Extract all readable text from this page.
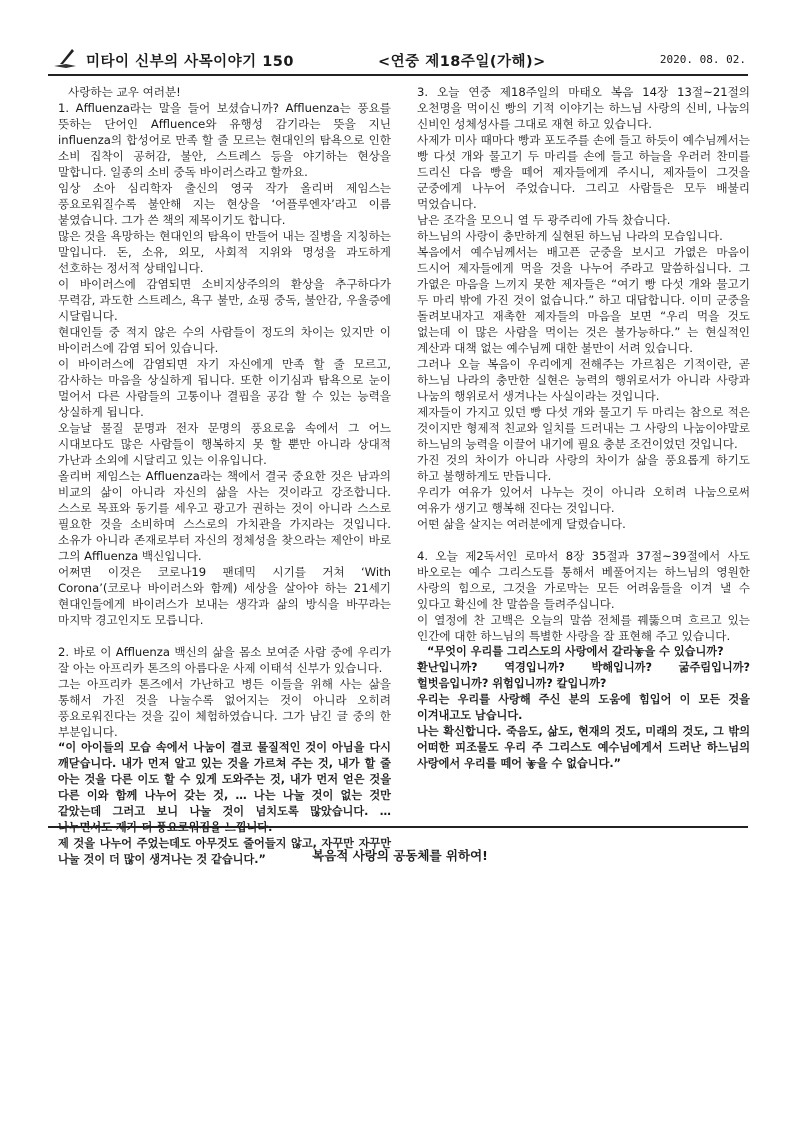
미타이 신부의 사목이야기 150	<연중 제18주일(가해)>	2020. 08. 02.

사랑하는 교우 여러분!

1. Affluenza라는 말을 들어 보셨습니까? Affluenza는 풍요를 뜻하는 단어인 Affluence와 유행성 감기라는 뜻을 지닌 influenza의 합성어로 만족 할 줄 모르는 현대인의 탐욕으로 인한 소비 집착이 공허감, 불안, 스트레스 등을 야기하는 현상을 말합니다. 일종의 소비 중독 바이러스라고 할까요.

임상 소아 심리학자 출신의 영국 작가 올리버 제임스는 풍요로워질수록 불안해 지는 현상을 ‘어플루엔자’라고 이름 붙였습니다. 그가 쓴 책의 제목이기도 합니다.

많은 것을 욕망하는 현대인의 탐욕이 만들어 내는 질병을 지칭하는 말입니다. 돈, 소유, 외모, 사회적 지위와 명성을 과도하게 선호하는 정서적 상태입니다.

이 바이러스에 감염되면 소비지상주의의 환상을 추구하다가 무력감, 과도한 스트레스, 욕구 불만, 쇼핑 중독, 불안감, 우울증에 시달립니다.

현대인들 중 적지 않은 수의 사람들이 정도의 차이는 있지만 이 바이러스에 감염 되어 있습니다.

이 바이러스에 감염되면 자기 자신에게 만족 할 줄 모르고, 감사하는 마음을 상실하게 됩니다. 또한 이기심과 탐욕으로 눈이 멀어서 다른 사람들의 고통이나 결핍을 공감 할 수 있는 능력을 상실하게 됩니다.

오늘날 물질 문명과 전자 문명의 풍요로움 속에서 그 어느 시대보다도 많은 사람들이 행복하지 못 할 뿐만 아니라 상대적 가난과 소외에 시달리고 있는 이유입니다.

올리버 제임스는 Affluenza라는 책에서 결국 중요한 것은 남과의 비교의 삶이 아니라 자신의 삶을 사는 것이라고 강조합니다. 스스로 목표와 동기를 세우고 광고가 권하는 것이 아니라 스스로 필요한 것을 소비하며 스스로의 가치관을 가지라는 것입니다. 소유가 아니라 존재로부터 자신의 정체성을 찾으라는 제안이 바로 그의 Affluenza 백신입니다.

어쩌면 이것은 코로나19 팬데믹 시기를 거쳐 ‘With Corona’(코로나 바이러스와 함께) 세상을 살아야 하는 21세기 현대인들에게 바이러스가 보내는 생각과 삶의 방식을 바꾸라는 마지막 경고인지도 모릅니다.

2. 바로 이 Affluenza 백신의 삶을 몸소 보여준 사람 중에 우리가 잘 아는 아프리카 톤즈의 아름다운 사제 이태석 신부가 있습니다.

그는 아프리카 톤즈에서 가난하고 병든 이들을 위해 사는 삶을 통해서 가진 것을 나눌수록 없어지는 것이 아니라 오히려 풍요로워진다는 것을 깊이 체험하였습니다. 그가 남긴 글 중의 한 부분입니다.

“이 아이들의 모습 속에서 나눔이 결코 물질적인 것이 아님을 다시 깨닫습니다. 내가 먼저 알고 있는 것을 가르쳐 주는 것, 내가 할 줄 아는 것을 다른 이도 할 수 있게 도와주는 것, 내가 먼저 얻은 것을 다른 이와 함께 나누어 갖는 것, … 나는 나눌 것이 없는 것만 같았는데 그러고 보니 나눌 것이 넘치도록 많았습니다. …

제 것을 나누어 주었는데도 아무것도 줄어들지 않고, 자꾸만 자꾸만 나눌 것이 더 많이 생겨나는 것 같습니다.”

3. 오늘 연중 제18주일의 마태오 복음 14장 13절~21절의 오천명을 먹이신 빵의 기적 이야기는 하느님 사랑의 신비, 나눔의 신비인 성체성사를 그대로 재현 하고 있습니다.

사제가 미사 때마다 빵과 포도주를 손에 들고 하듯이 예수님께서는 빵 다섯 개와 물고기 두 마리를 손에 들고 하늘을 우러러 찬미를 드리신 다음 빵을 떼어 제자들에게 주시니, 제자들이 그것을 군중에게 나누어 주었습니다. 그리고 사람들은 모두 배불리 먹었습니다.

남은 조각을 모으니 열 두 광주리에 가득 찼습니다.

하느님의 사랑이 충만하게 실현된 하느님 나라의 모습입니다.

복음에서 예수님께서는 배고픈 군중을 보시고 가엾은 마음이 드시어 제자들에게 먹을 것을 나누어 주라고 말씀하십니다. 그 가엾은 마음을 느끼지 못한 제자들은 “여기 빵 다섯 개와 물고기 두 마리 밖에 가진 것이 없습니다.” 하고 대답합니다. 이미 군중을 돌려보내자고 재촉한 제자들의 마음을 보면 “우리 먹을 것도 없는데 이 많은 사람을 먹이는 것은 불가능하다.” 는 현실적인 계산과 대책 없는 예수님께 대한 불만이 서려 있습니다.

그러나 오늘 복음이 우리에게 전해주는 가르침은 기적이란, 곧 하느님 나라의 충만한 실현은 능력의 행위로서가 아니라 사랑과 나눔의 행위로서 생겨나는 사실이라는 것입니다.

제자들이 가지고 있던 빵 다섯 개와 물고기 두 마리는 참으로 적은 것이지만 형제적 친교와 일치를 드러내는 그 사랑의 나눔이야말로 하느님의 능력을 이끌어 내기에 필요 충분 조건이었던 것입니다.

가진 것의 차이가 아니라 사랑의 차이가 삶을 풍요롭게 하기도 하고 불행하게도 만듭니다.

우리가 여유가 있어서 나누는 것이 아니라 오히려 나눔으로써 여유가 생기고 행복해 진다는 것입니다.

어떤 삶을 살지는 여러분에게 달렸습니다.

4. 오늘 제2독서인 로마서 8장 35절과 37절~39절에서 사도 바오로는 예수 그리스도를 통해서 베풀어지는 하느님의 영원한 사랑의 힘으로, 그것을 가로막는 모든 어려움들을 이겨 낼 수 있다고 확신에 찬 말씀을 들려주십니다.

이 열정에 찬 고백은 오늘의 말씀 전체를 꿰뚫으며 흐르고 있는 인간에 대한 하느님의 특별한 사랑을 잘 표현해 주고 있습니다.

“무엇이 우리를 그리스도의 사랑에서 갈라놓을 수 있습니까?

환난입니까? 역경입니까? 박해입니까? 굶주림입니까? 헐벗음입니까? 위험입니까? 칼입니까?

우리는 우리를 사랑해 주신 분의 도움에 힘입어 이 모든 것을 이겨내고도 남습니다.

나는 확신합니다. 죽음도, 삶도, 현재의 것도, 미래의 것도, 그 밖의 어떠한 피조물도 우리 주 그리스도 예수님에게서 드러난 하느님의 사랑에서 우리를 떼어 놓을 수 없습니다.”

복음적 사랑의 공동체를 위하여!
